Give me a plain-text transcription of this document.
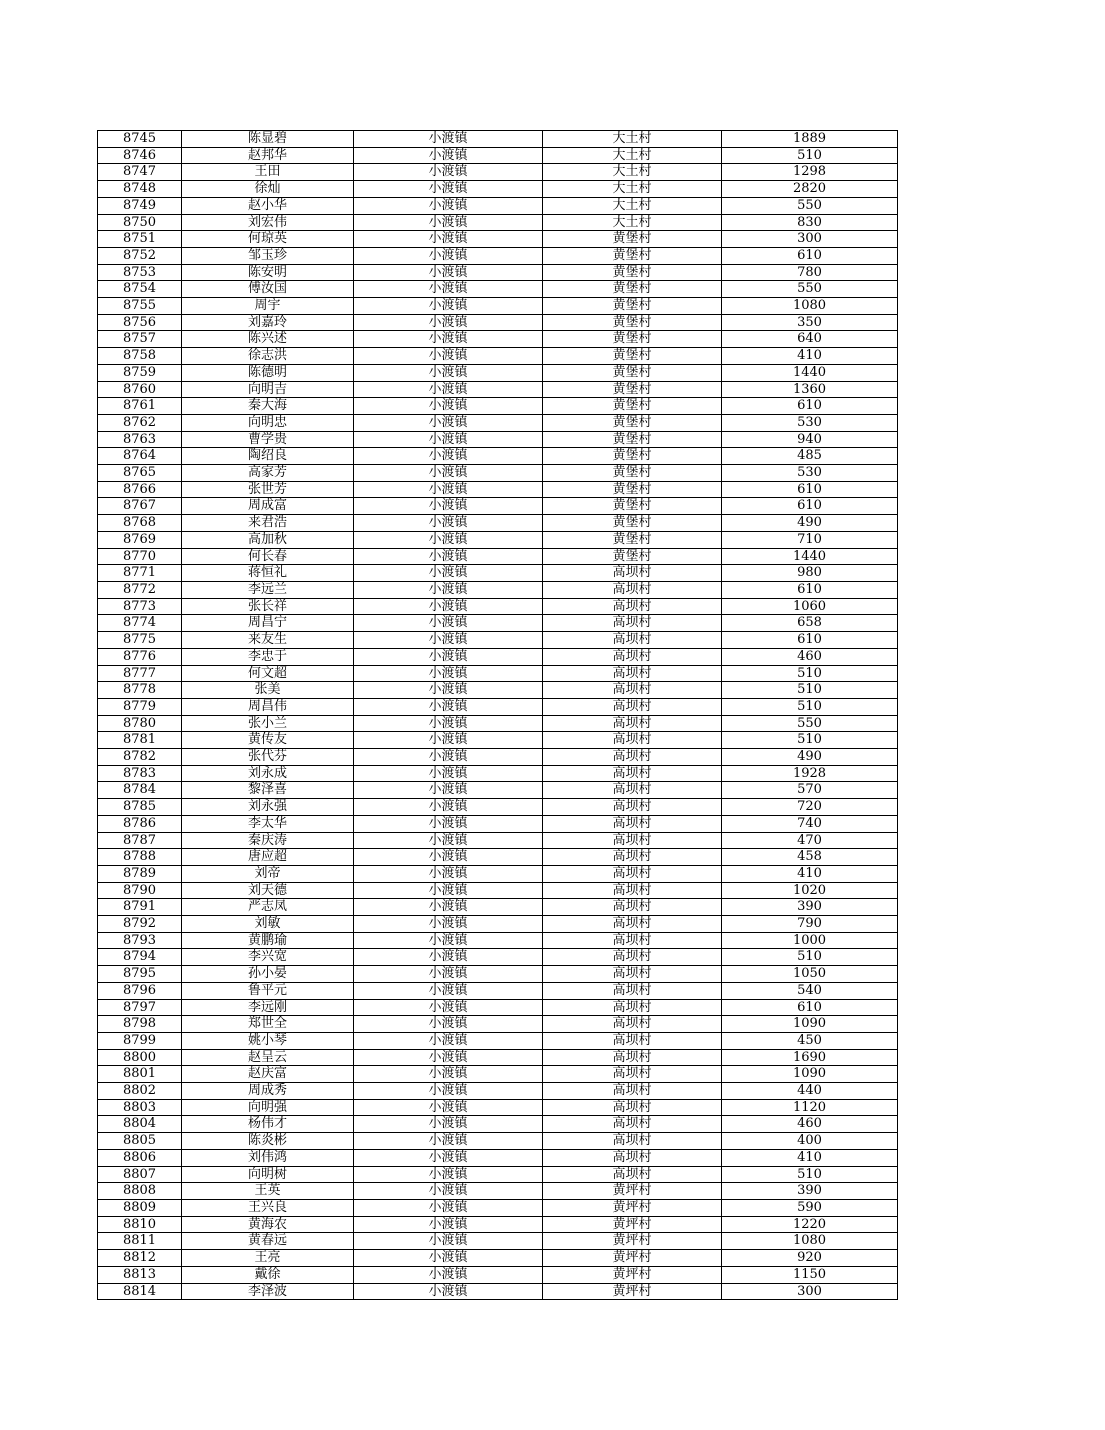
8745	陈显碧	小渡镇	大土村	1889
8746	赵邦华	小渡镇	大土村	510
8747	王田	小渡镇	大土村	1298
8748	徐灿	小渡镇	大土村	2820
8749	赵小华	小渡镇	大土村	550
8750	刘宏伟	小渡镇	大土村	830
8751	何琼英	小渡镇	黄堡村	300
8752	邹玉珍	小渡镇	黄堡村	610
8753	陈安明	小渡镇	黄堡村	780
8754	傅汝国	小渡镇	黄堡村	550
8755	周宇	小渡镇	黄堡村	1080
8756	刘嘉玲	小渡镇	黄堡村	350
8757	陈兴述	小渡镇	黄堡村	640
8758	徐志洪	小渡镇	黄堡村	410
8759	陈德明	小渡镇	黄堡村	1440
8760	向明吉	小渡镇	黄堡村	1360
8761	秦大海	小渡镇	黄堡村	610
8762	向明忠	小渡镇	黄堡村	530
8763	曹学贵	小渡镇	黄堡村	940
8764	陶绍良	小渡镇	黄堡村	485
8765	高家芳	小渡镇	黄堡村	530
8766	张世芳	小渡镇	黄堡村	610
8767	周成富	小渡镇	黄堡村	610
8768	来君浩	小渡镇	黄堡村	490
8769	高加秋	小渡镇	黄堡村	710
8770	何长春	小渡镇	黄堡村	1440
8771	蒋恒礼	小渡镇	高坝村	980
8772	李远兰	小渡镇	高坝村	610
8773	张长祥	小渡镇	高坝村	1060
8774	周昌宁	小渡镇	高坝村	658
8775	来友生	小渡镇	高坝村	610
8776	李忠于	小渡镇	高坝村	460
8777	何文超	小渡镇	高坝村	510
8778	张美	小渡镇	高坝村	510
8779	周昌伟	小渡镇	高坝村	510
8780	张小兰	小渡镇	高坝村	550
8781	黄传友	小渡镇	高坝村	510
8782	张代芬	小渡镇	高坝村	490
8783	刘永成	小渡镇	高坝村	1928
8784	黎泽喜	小渡镇	高坝村	570
8785	刘永强	小渡镇	高坝村	720
8786	李太华	小渡镇	高坝村	740
8787	秦庆涛	小渡镇	高坝村	470
8788	唐应超	小渡镇	高坝村	458
8789	刘帝	小渡镇	高坝村	410
8790	刘天德	小渡镇	高坝村	1020
8791	严志凤	小渡镇	高坝村	390
8792	刘敏	小渡镇	高坝村	790
8793	黄鹏瑜	小渡镇	高坝村	1000
8794	李兴宽	小渡镇	高坝村	510
8795	孙小晏	小渡镇	高坝村	1050
8796	鲁平元	小渡镇	高坝村	540
8797	李远刚	小渡镇	高坝村	610
8798	郑世全	小渡镇	高坝村	1090
8799	姚小琴	小渡镇	高坝村	450
8800	赵呈云	小渡镇	高坝村	1690
8801	赵庆富	小渡镇	高坝村	1090
8802	周成秀	小渡镇	高坝村	440
8803	向明强	小渡镇	高坝村	1120
8804	杨伟才	小渡镇	高坝村	460
8805	陈炎彬	小渡镇	高坝村	400
8806	刘伟鸿	小渡镇	高坝村	410
8807	向明树	小渡镇	高坝村	510
8808	王英	小渡镇	黄坪村	390
8809	王兴良	小渡镇	黄坪村	590
8810	黄海农	小渡镇	黄坪村	1220
8811	黄春远	小渡镇	黄坪村	1080
8812	王亮	小渡镇	黄坪村	920
8813	戴徐	小渡镇	黄坪村	1150
8814	李泽波	小渡镇	黄坪村	300
